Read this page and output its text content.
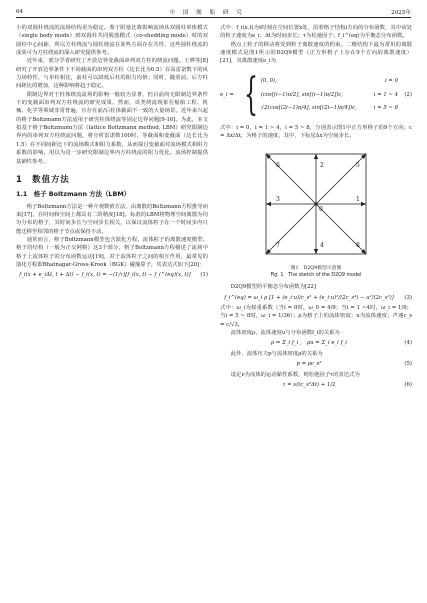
64	中 国 舰 船 研 究	2025年
小的双圆柱绕流的流场结构更为稳定。鉴于阻塞比将影响流场从双圆柱单体模式（single body mode）到双圆柱共同脱落模式（co-shedding mode）时的双圆柱中心间距，所以方柱绕流与圆柱绕流在某些方面存在共性，这些圆柱绕流的成果可为方柱绕流的深入研究提供参考。
近年来，部分学者研究了开放边界变截面串列双方柱的绕流问题。王晔等[8]研究了开放边界条件下不同截面的串列双方柱（边长比为0.5）在高雷诺数下的风力场特性，与单柱相比，前柱可以降低后柱的阻力均值；同时，随着前、后方柱间距比的增加，这种影响将趋于稳定。
限制边界对于柱体绕流流场的影响一般较为显著，但目前尚无限制边界条件下的变截面串列双方柱绕流的研究成果。然而，该类绕流现象在船舶工程、机械、化学等领域非常普遍，且存在前/后柱体截面不一致的大量场景。近年来兴起的格子Boltzmann方法适用于研究柱体绕流等固定边界问题[9-16]。为此，本文拟基于格子Boltzmann方法（lattice Boltzmann method, LBM）研究限制边界内的串列双方柱绕流问题，将分析雷诺数100时，等截面和变截面（边长比为1.5）在不同间距比下的流场模式和阻力系数，从而探讨变截面对流场模式和阻力系数的影响，用以为进一步研究限制边界内方柱绕流的阻力优化、流场控制提供基础性参考。
1　数值方法
1.1　格子 Boltzmann 方法（LBM）
格子Boltzmann方法是一种介观数值方法，由离散的Boltzmann方程推导而来[17]，在时间和空间上都具有二阶精度[18]。标准的LBM将物理空间离散为均匀分布的格子，其时间步长与空间步长相关，以保证流体粒子在一个时间步内只能迁移至相邻的格子节点或保持不动。
通常而言，格子Boltzmann模型包含演化方程、流体粒子的离散速度模型、格子的结构（一般为正交网格）这3个部分。格子Boltzmann方程描述了流场中格子上流体粒子的分布函数运动[19]，对于流体粒子之间的相互作用，最常见的演化方程即Bhatnagar-Gross-Krook（BGK）碰撞算子，其表达式如下[20]：
f_i(x + e_iΔt, t + Δt) − f_i(x, t) = −(1/τ)[f_i(x, t) − f_i^(eq)(x, t)]	(1)
式中：f_i(x,t)为t时刻在空间位置x处，沿着格子结构i方向的分布函数，其中该处的粒子速度为e_i；Δt为时间步长；τ为松弛因子；f_i^(eq)为平衡态分布函数。
格点上粒子的移动将受到粒子离散速度的约束。二维结构下最为常用的离散速度模式是图1所示的D2Q9模型（正方形格子上存在9个方向的离散速度）[21]，其离散速度e_i为
e_i = { (0, 0),	i = 0
(cos[(i−1)π/2], sin[(i−1)π/2])c,	i = 1 ~ 4
√2(cos[(2i−1)π/4], sin[(2i−1)π/4])c,	i = 5 ~ 8
(2)
式中：i = 0，i = 1 ~ 4，i = 5 ~ 8，分别表示图1中正方形格子的9个方向；c = Δx/Δt，为格子的速度，其中，下标星Δx为空间步长。
0
1
2
3
4
5
6
7	8
图1　D2Q9模型示意图
Fig. 1　The sketch of the D2Q9 model
D2Q9模型的平衡态分布函数为[22]
f_i^(eq) = ω_i ρ [1 + (e_i·u)/c_s² + (e_i·u)²/(2c_s⁴) − u²/(2c_s²)]	(3)
式中：ω_i为权重系数（当i = 0时，ω_0 = 4/9；当i = 1 ~4时，ω_i = 1/9；当i = 5 ~ 8时，ω_i = 1/36）；ρ为格子上的流体密度；u为流体速度；声速c_s = c/√3。
流体密度ρ、流体速度u与分布函数f_i的关系为
ρ = Σ_i f_i ,　ρu = Σ_i e_i f_i	(4)
此外，流体压力p与流体密度ρ的关系为
p = ρc_s²	(5)
设定ν为流体的运动黏性系数，则松弛因子τ的表达式为
τ = ν/(c_s²Δt) + 1/2	(6)
